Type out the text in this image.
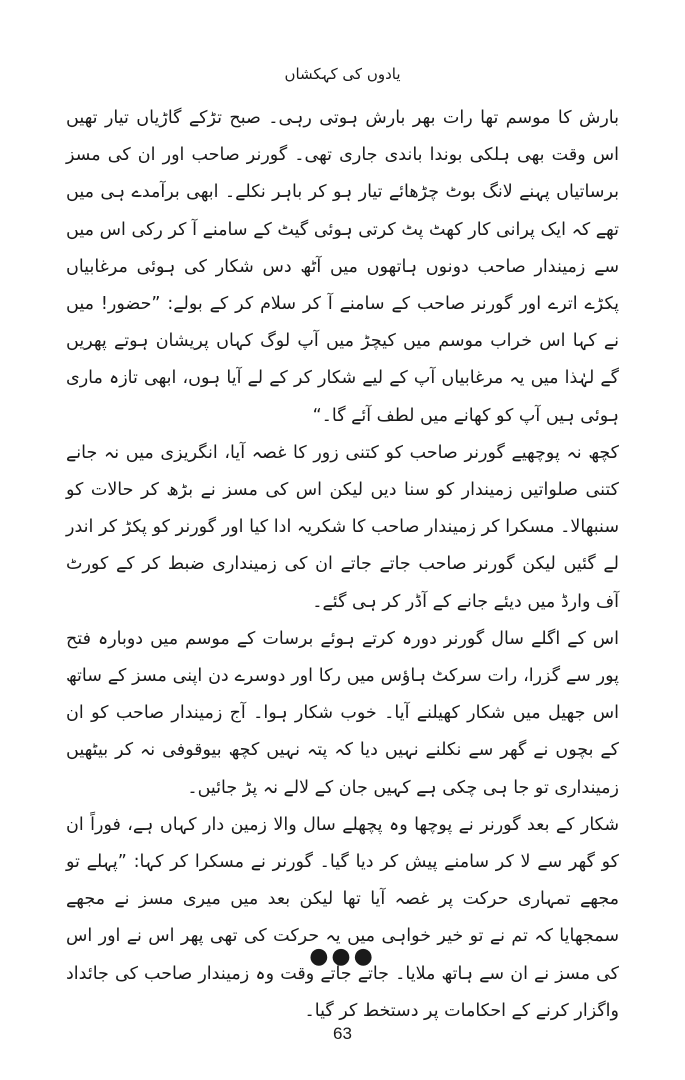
یادوں کی کہکشاں

بارش کا موسم تھا رات بھر بارش ہوتی رہی۔ صبح تڑکے گاڑیاں تیار تھیں اس وقت بھی ہلکی بوندا باندی جاری تھی۔ گورنر صاحب اور ان کی مسز برساتیاں پہنے لانگ بوٹ چڑھائے تیار ہو کر باہر نکلے۔ ابھی برآمدے ہی میں تھے کہ ایک پرانی کار کھٹ پٹ کرتی ہوئی گیٹ کے سامنے آ کر رکی اس میں سے زمیندار صاحب دونوں ہاتھوں میں آٹھ دس شکار کی ہوئی مرغابیاں پکڑے اترے اور گورنر صاحب کے سامنے آ کر سلام کر کے بولے: ”حضور! میں نے کہا اس خراب موسم میں کیچڑ میں آپ لوگ کہاں پریشان ہوتے پھریں گے لہٰذا میں یہ مرغابیاں آپ کے لیے شکار کر کے لے آیا ہوں، ابھی تازہ ماری ہوئی ہیں آپ کو کھانے میں لطف آئے گا۔“

کچھ نہ پوچھیے گورنر صاحب کو کتنی زور کا غصہ آیا، انگریزی میں نہ جانے کتنی صلواتیں زمیندار کو سنا دیں لیکن اس کی مسز نے بڑھ کر حالات کو سنبھالا۔ مسکرا کر زمیندار صاحب کا شکریہ ادا کیا اور گورنر کو پکڑ کر اندر لے گئیں لیکن گورنر صاحب جاتے جاتے ان کی زمینداری ضبط کر کے کورٹ آف وارڈ میں دیئے جانے کے آڈر کر ہی گئے۔

اس کے اگلے سال گورنر دورہ کرتے ہوئے برسات کے موسم میں دوبارہ فتح پور سے گزرا، رات سرکٹ ہاؤس میں رکا اور دوسرے دن اپنی مسز کے ساتھ اس جھیل میں شکار کھیلنے آیا۔ خوب شکار ہوا۔ آج زمیندار صاحب کو ان کے بچوں نے گھر سے نکلنے نہیں دیا کہ پتہ نہیں کچھ بیوقوفی نہ کر بیٹھیں زمینداری تو جا ہی چکی ہے کہیں جان کے لالے نہ پڑ جائیں۔

شکار کے بعد گورنر نے پوچھا وہ پچھلے سال والا زمین دار کہاں ہے، فوراً ان کو گھر سے لا کر سامنے پیش کر دیا گیا۔ گورنر نے مسکرا کر کہا: ”پہلے تو مجھے تمہاری حرکت پر غصہ آیا تھا لیکن بعد میں میری مسز نے مجھے سمجھایا کہ تم نے تو خیر خواہی میں یہ حرکت کی تھی پھر اس نے اور اس کی مسز نے ان سے ہاتھ ملایا۔ جاتے جاتے وقت وہ زمیندار صاحب کی جائداد واگزار کرنے کے احکامات پر دستخط کر گیا۔

●●●
63
